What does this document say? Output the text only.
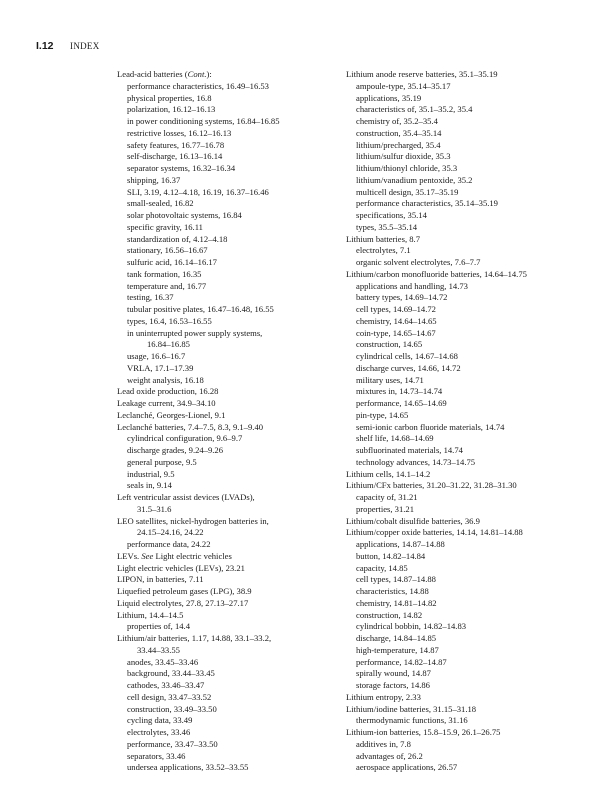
I.12 INDEX
Lead-acid batteries (Cont.):
performance characteristics, 16.49–16.53
physical properties, 16.8
polarization, 16.12–16.13
in power conditioning systems, 16.84–16.85
restrictive losses, 16.12–16.13
safety features, 16.77–16.78
self-discharge, 16.13–16.14
separator systems, 16.32–16.34
shipping, 16.37
SLI, 3.19, 4.12–4.18, 16.19, 16.37–16.46
small-sealed, 16.82
solar photovoltaic systems, 16.84
specific gravity, 16.11
standardization of, 4.12–4.18
stationary, 16.56–16.67
sulfuric acid, 16.14–16.17
tank formation, 16.35
temperature and, 16.77
testing, 16.37
tubular positive plates, 16.47–16.48, 16.55
types, 16.4, 16.53–16.55
in uninterrupted power supply systems,
16.84–16.85
usage, 16.6–16.7
VRLA, 17.1–17.39
weight analysis, 16.18
Lead oxide production, 16.28
Leakage current, 34.9–34.10
Leclanché, Georges-Lionel, 9.1
Leclanché batteries, 7.4–7.5, 8.3, 9.1–9.40
cylindrical configuration, 9.6–9.7
discharge grades, 9.24–9.26
general purpose, 9.5
industrial, 9.5
seals in, 9.14
Left ventricular assist devices (LVADs),
31.5–31.6
LEO satellites, nickel-hydrogen batteries in,
24.15–24.16, 24.22
performance data, 24.22
LEVs. See Light electric vehicles
Light electric vehicles (LEVs), 23.21
LIPON, in batteries, 7.11
Liquefied petroleum gases (LPG), 38.9
Liquid electrolytes, 27.8, 27.13–27.17
Lithium, 14.4–14.5
properties of, 14.4
Lithium/air batteries, 1.17, 14.88, 33.1–33.2,
33.44–33.55
anodes, 33.45–33.46
background, 33.44–33.45
cathodes, 33.46–33.47
cell design, 33.47–33.52
construction, 33.49–33.50
cycling data, 33.49
electrolytes, 33.46
performance, 33.47–33.50
separators, 33.46
undersea applications, 33.52–33.55
Lithium anode reserve batteries, 35.1–35.19
ampoule-type, 35.14–35.17
applications, 35.19
characteristics of, 35.1–35.2, 35.4
chemistry of, 35.2–35.4
construction, 35.4–35.14
lithium/precharged, 35.4
lithium/sulfur dioxide, 35.3
lithium/thionyl chloride, 35.3
lithium/vanadium pentoxide, 35.2
multicell design, 35.17–35.19
performance characteristics, 35.14–35.19
specifications, 35.14
types, 35.5–35.14
Lithium batteries, 8.7
electrolytes, 7.1
organic solvent electrolytes, 7.6–7.7
Lithium/carbon monofluoride batteries, 14.64–14.75
applications and handling, 14.73
battery types, 14.69–14.72
cell types, 14.69–14.72
chemistry, 14.64–14.65
coin-type, 14.65–14.67
construction, 14.65
cylindrical cells, 14.67–14.68
discharge curves, 14.66, 14.72
military uses, 14.71
mixtures in, 14.73–14.74
performance, 14.65–14.69
pin-type, 14.65
semi-ionic carbon fluoride materials, 14.74
shelf life, 14.68–14.69
subfluorinated materials, 14.74
technology advances, 14.73–14.75
Lithium cells, 14.1–14.2
Lithium/CFx batteries, 31.20–31.22, 31.28–31.30
capacity of, 31.21
properties, 31.21
Lithium/cobalt disulfide batteries, 36.9
Lithium/copper oxide batteries, 14.14, 14.81–14.88
applications, 14.87–14.88
button, 14.82–14.84
capacity, 14.85
cell types, 14.87–14.88
characteristics, 14.88
chemistry, 14.81–14.82
construction, 14.82
cylindrical bobbin, 14.82–14.83
discharge, 14.84–14.85
high-temperature, 14.87
performance, 14.82–14.87
spirally wound, 14.87
storage factors, 14.86
Lithium entropy, 2.33
Lithium/iodine batteries, 31.15–31.18
thermodynamic functions, 31.16
Lithium-ion batteries, 15.8–15.9, 26.1–26.75
additives in, 7.8
advantages of, 26.2
aerospace applications, 26.57
